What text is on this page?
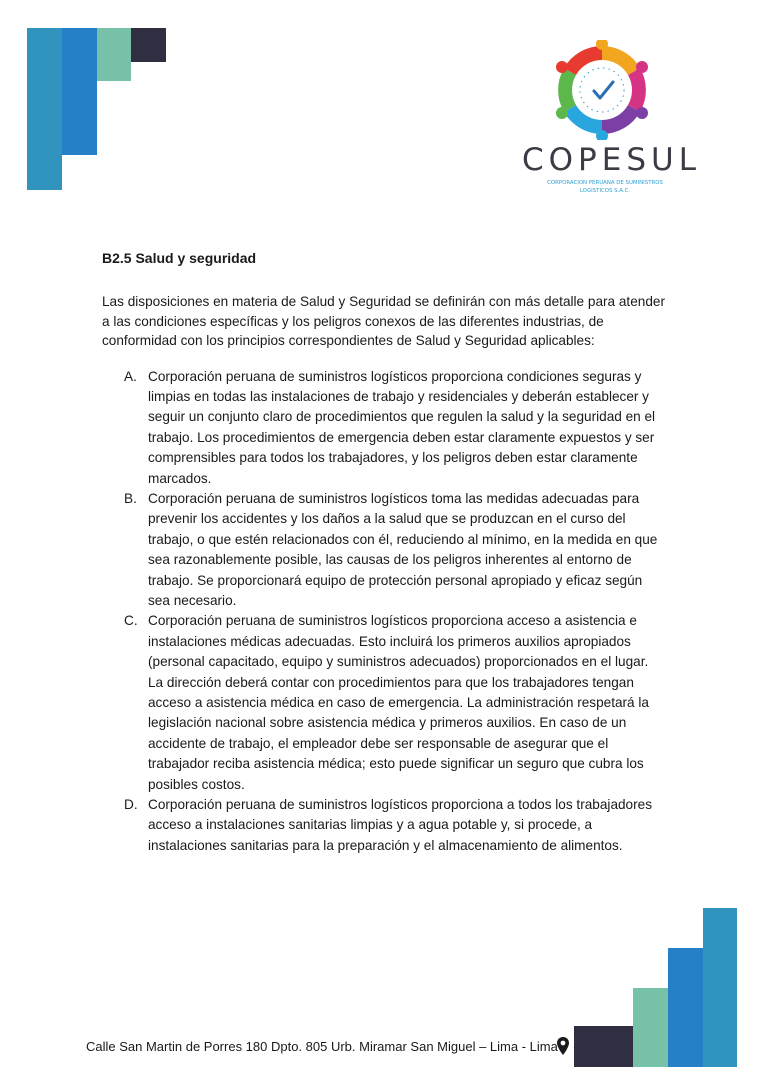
COPESUL
CORPORACION PERUANA DE SUMINISTROS
LOGISTICOS S.A.C.
B2.5 Salud y seguridad

Las disposiciones en materia de Salud y Seguridad se definirán con más detalle para atender a las condiciones específicas y los peligros conexos de las diferentes industrias, de conformidad con los principios correspondientes de Salud y Seguridad aplicables:

A. Corporación peruana de suministros logísticos proporciona condiciones seguras y limpias en todas las instalaciones de trabajo y residenciales y deberán establecer y seguir un conjunto claro de procedimientos que regulen la salud y la seguridad en el trabajo. Los procedimientos de emergencia deben estar claramente expuestos y ser comprensibles para todos los trabajadores, y los peligros deben estar claramente marcados.
B. Corporación peruana de suministros logísticos toma las medidas adecuadas para prevenir los accidentes y los daños a la salud que se produzcan en el curso del trabajo, o que estén relacionados con él, reduciendo al mínimo, en la medida en que sea razonablemente posible, las causas de los peligros inherentes al entorno de trabajo. Se proporcionará equipo de protección personal apropiado y eficaz según sea necesario.
C. Corporación peruana de suministros logísticos proporciona acceso a asistencia e instalaciones médicas adecuadas. Esto incluirá los primeros auxilios apropiados (personal capacitado, equipo y suministros adecuados) proporcionados en el lugar. La dirección deberá contar con procedimientos para que los trabajadores tengan acceso a asistencia médica en caso de emergencia. La administración respetará la legislación nacional sobre asistencia médica y primeros auxilios. En caso de un accidente de trabajo, el empleador debe ser responsable de asegurar que el trabajador reciba asistencia médica; esto puede significar un seguro que cubra los posibles costos.
D. Corporación peruana de suministros logísticos proporciona a todos los trabajadores acceso a instalaciones sanitarias limpias y a agua potable y, si procede, a instalaciones sanitarias para la preparación y el almacenamiento de alimentos.
Calle San Martin de Porres 180 Dpto. 805 Urb. Miramar San Miguel – Lima - Lima
